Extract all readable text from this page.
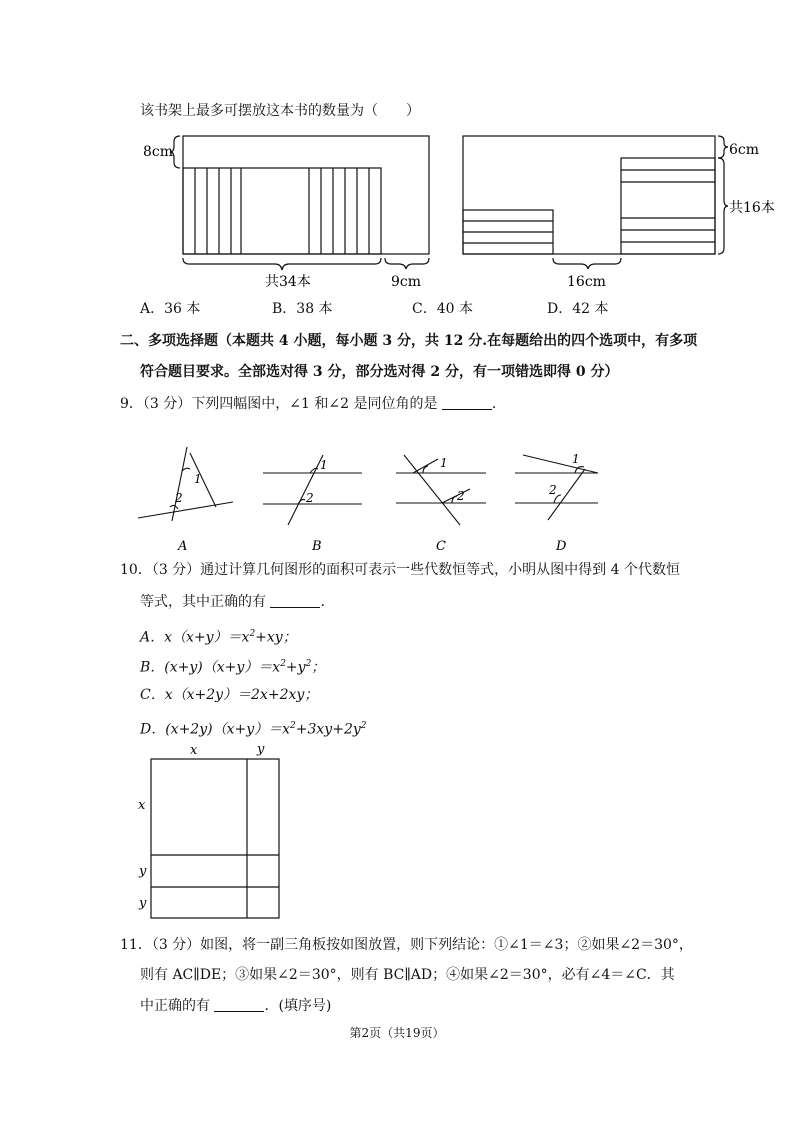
该书架上最多可摆放这本书的数量为（　　）
8cm
共34本	9cm
6cm
共16本
16cm
A．36 本	B．38 本	C．40 本	D．42 本
二、多项选择题（本题共 4 小题，每小题 3 分，共 12 分.在每题给出的四个选项中，有多项
符合题目要求。全部选对得 3 分，部分选对得 2 分，有一项错选即得 0 分）
9．（3 分）下列四幅图中，∠1 和∠2 是同位角的是	.
1
2
1
2
1
2
1
2
A	B	C	D
10．（3 分）通过计算几何图形的面积可表示一些代数恒等式，小明从图中得到 4 个代数恒
等式，其中正确的有	.
A．$x(x+y)=x^2+xy$；
B．$(x+y)(x+y)=x^2+y^2$；
C．x（x+2y）＝2x+2xy；
D．$(x+2y)(x+y)=x^2+3xy+2y^2$
x	y
x
y
y
11．（3 分）如图，将一副三角板按如图放置，则下列结论：①∠1＝∠3；②如果∠2＝30°，
则有 AC∥DE；③如果∠2＝30°，则有 BC∥AD；④如果∠2＝30°，必有∠4＝∠C．其
中正确的有	．(填序号)
第2页（共19页）
